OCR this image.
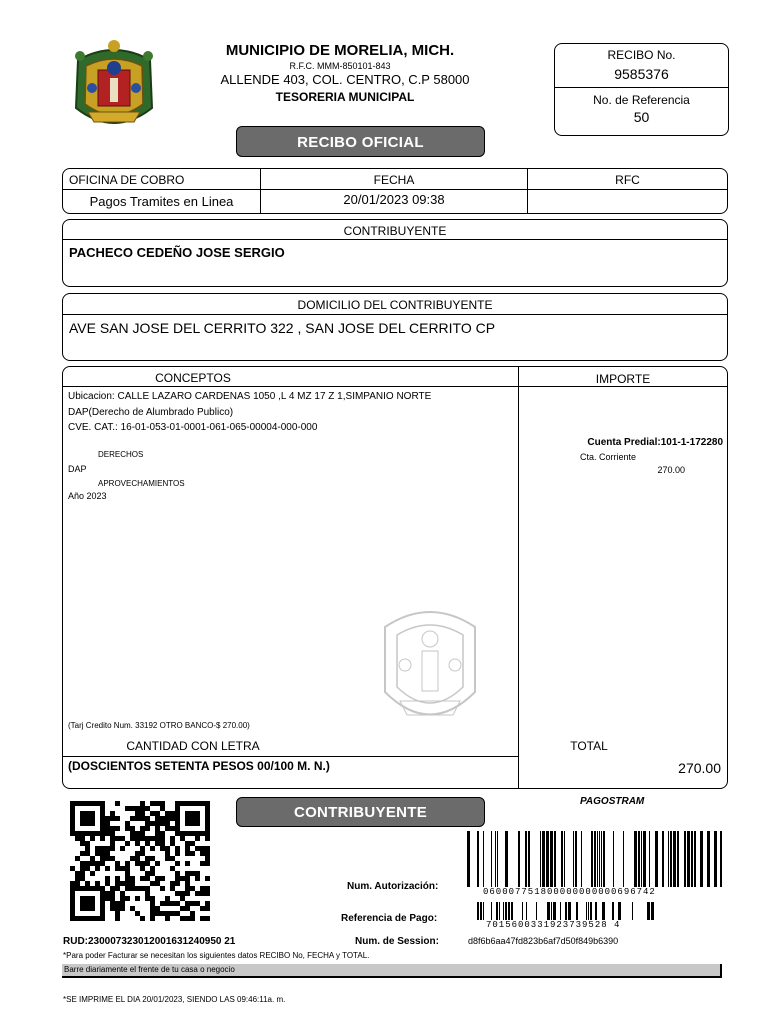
MUNICIPIO DE MORELIA, MICH.
R.F.C. MMM-850101-843
ALLENDE 403, COL. CENTRO, C.P 58000
TESORERIA MUNICIPAL
RECIBO OFICIAL
RECIBO No.
9585376
No. de Referencia
50
OFICINA DE COBRO
Pagos Tramites en Linea
FECHA
20/01/2023 09:38
RFC
CONTRIBUYENTE
PACHECO CEDEÑO JOSE SERGIO
DOMICILIO DEL CONTRIBUYENTE
AVE SAN JOSE DEL CERRITO 322 , SAN JOSE DEL CERRITO CP
CONCEPTOS	IMPORTE
Ubicacion: CALLE LAZARO CARDENAS 1050 ,L 4 MZ 17 Z 1,SIMPANIO NORTE
DAP(Derecho de Alumbrado Publico)
CVE. CAT.: 16-01-053-01-0001-061-065-00004-000-000
DERECHOS
DAP
APROVECHAMIENTOS
Año 2023
Cuenta Predial:101-1-172280
Cta. Corriente
270.00
(Tarj Credito Num. 33192 OTRO BANCO-$ 270.00)
CANTIDAD CON LETRA
(DOSCIENTOS SETENTA PESOS 00/100 M. N.)
TOTAL
270.00
CONTRIBUYENTE
PAGOSTRAM
060007751800000000000696742
7015600331923739528 4
Num. Autorización:
Referencia de Pago:
Num. de Session:	d8f6b6aa47fd823b6af7d50f849b6390
RUD:230007323012001631240950 21
*Para poder Facturar se necesitan los siguientes datos RECIBO No, FECHA y TOTAL.
Barre diariamente el frente de tu casa o negocio
*SE IMPRIME EL DIA 20/01/2023, SIENDO LAS 09:46:11a. m.
